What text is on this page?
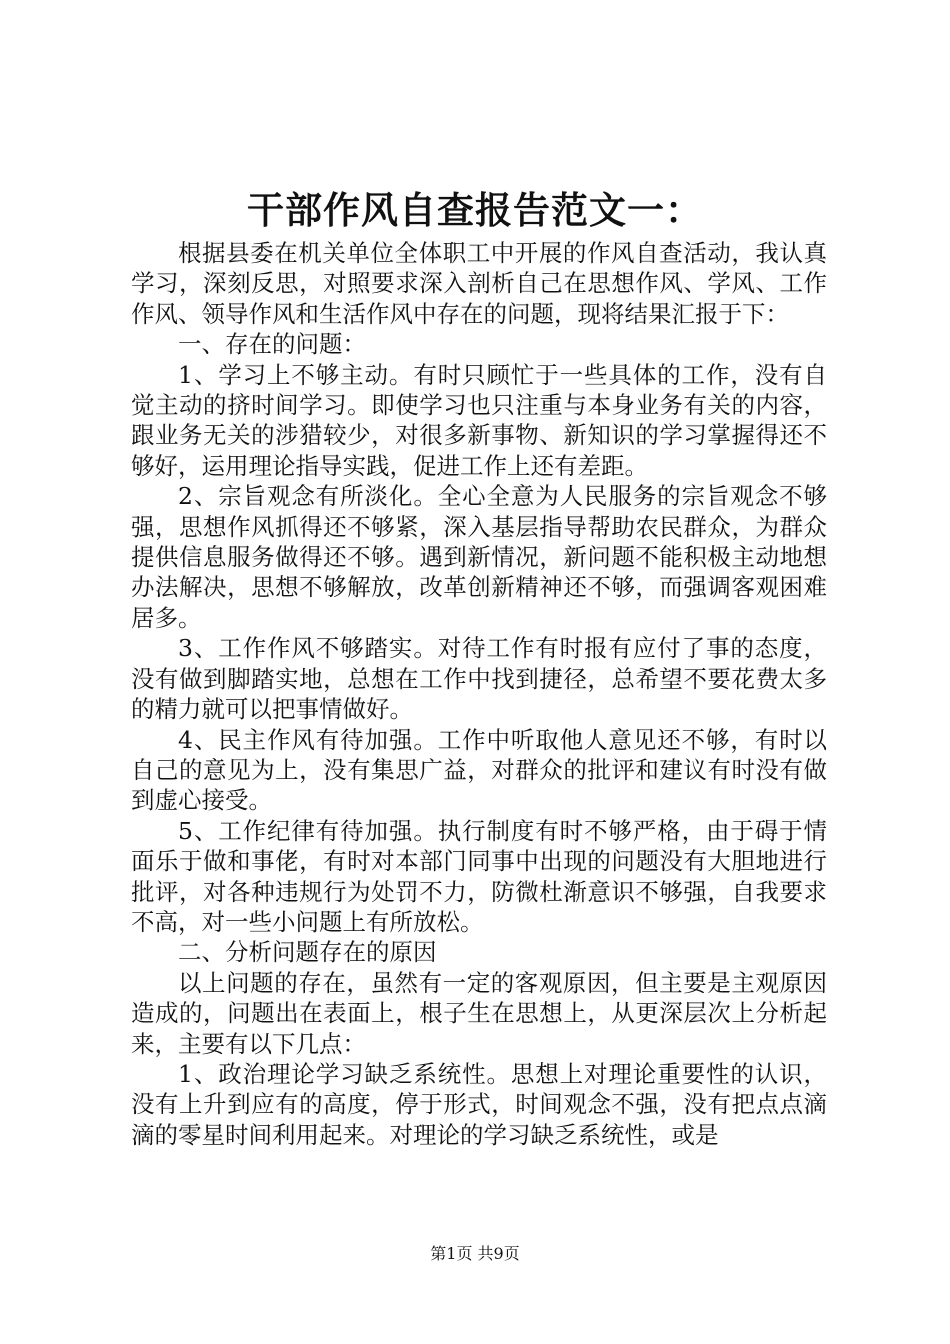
干部作风自查报告范文一：

根据县委在机关单位全体职工中开展的作风自查活动，我认真学习，深刻反思，对照要求深入剖析自己在思想作风、学风、工作作风、领导作风和生活作风中存在的问题，现将结果汇报于下：

一、存在的问题：

1、学习上不够主动。有时只顾忙于一些具体的工作，没有自觉主动的挤时间学习。即使学习也只注重与本身业务有关的内容，跟业务无关的涉猎较少，对很多新事物、新知识的学习掌握得还不够好，运用理论指导实践，促进工作上还有差距。

2、宗旨观念有所淡化。全心全意为人民服务的宗旨观念不够强，思想作风抓得还不够紧，深入基层指导帮助农民群众，为群众提供信息服务做得还不够。遇到新情况，新问题不能积极主动地想办法解决，思想不够解放，改革创新精神还不够，而强调客观困难居多。

3、工作作风不够踏实。对待工作有时报有应付了事的态度，没有做到脚踏实地，总想在工作中找到捷径，总希望不要花费太多的精力就可以把事情做好。

4、民主作风有待加强。工作中听取他人意见还不够，有时以自己的意见为上，没有集思广益，对群众的批评和建议有时没有做到虚心接受。

5、工作纪律有待加强。执行制度有时不够严格，由于碍于情面乐于做和事佬，有时对本部门同事中出现的问题没有大胆地进行批评，对各种违规行为处罚不力，防微杜渐意识不够强，自我要求不高，对一些小问题上有所放松。

二、分析问题存在的原因

以上问题的存在，虽然有一定的客观原因，但主要是主观原因造成的，问题出在表面上，根子生在思想上，从更深层次上分析起来，主要有以下几点：

1、政治理论学习缺乏系统性。思想上对理论重要性的认识，没有上升到应有的高度，停于形式，时间观念不强，没有把点点滴滴的零星时间利用起来。对理论的学习缺乏系统性，或是

第1页 共9页
